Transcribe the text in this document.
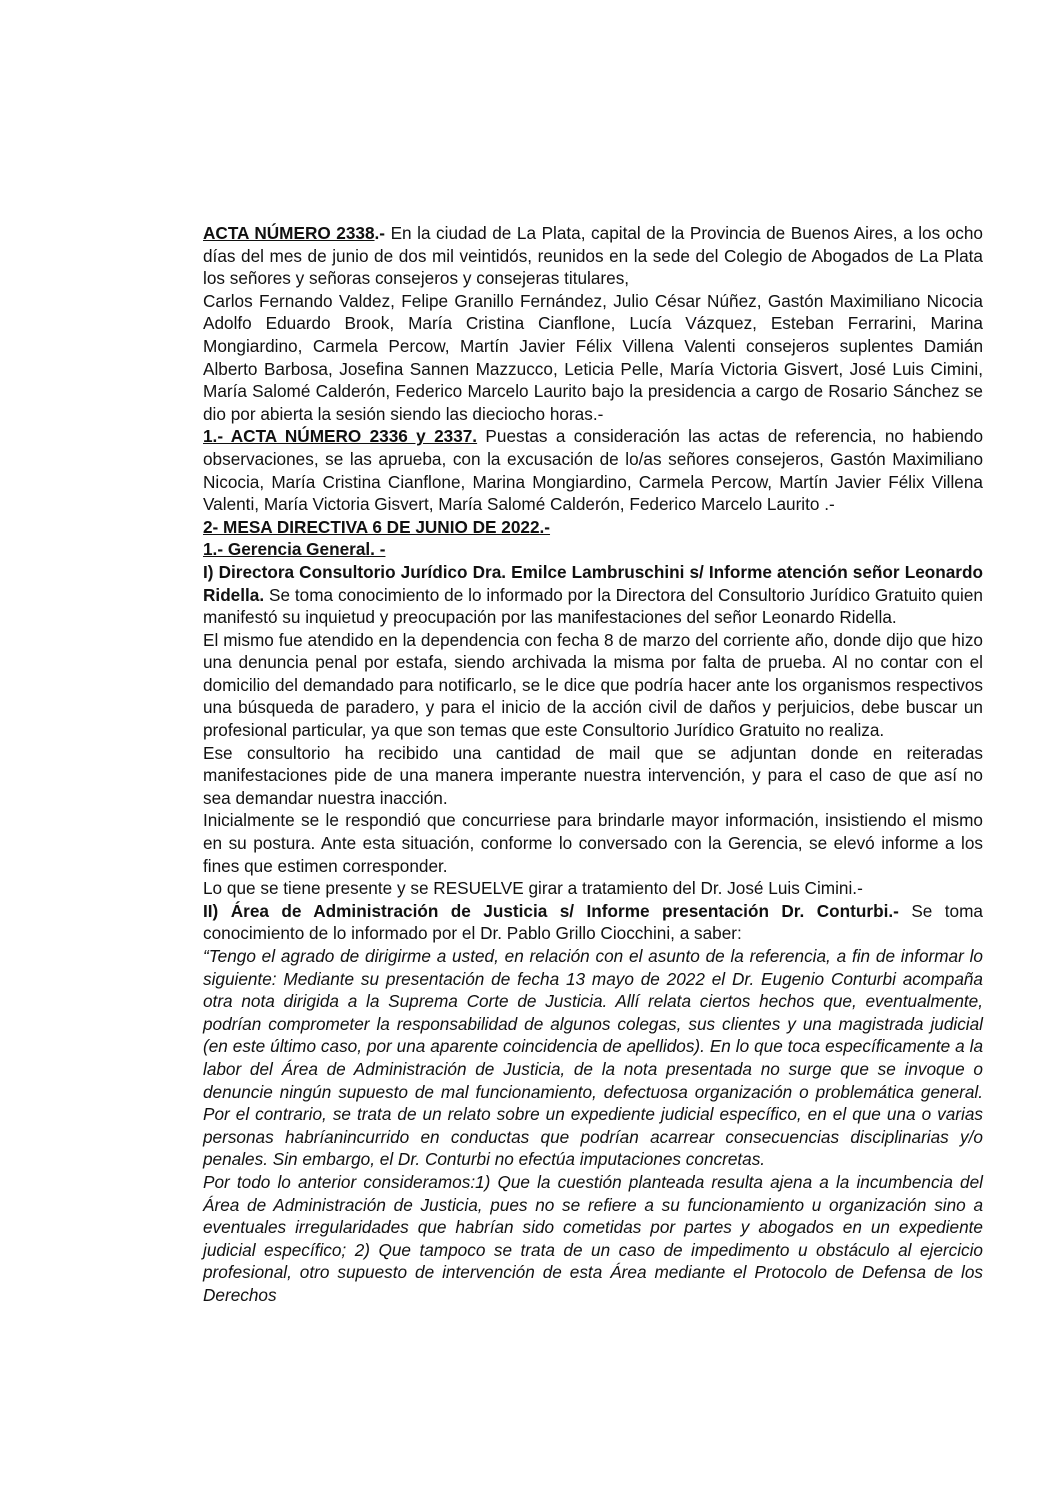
ACTA NÚMERO 2338.- En la ciudad de La Plata, capital de la Provincia de Buenos Aires, a los ocho días del mes de junio de dos mil veintidós, reunidos en la sede del Colegio de Abogados de La Plata los señores y señoras consejeros y consejeras titulares,

Carlos Fernando Valdez, Felipe Granillo Fernández, Julio César Núñez, Gastón Maximiliano Nicocia Adolfo Eduardo Brook, María Cristina Cianflone, Lucía Vázquez, Esteban Ferrarini, Marina Mongiardino, Carmela Percow, Martín Javier Félix Villena Valenti consejeros suplentes Damián Alberto Barbosa, Josefina Sannen Mazzucco, Leticia Pelle, María Victoria Gisvert, José Luis Cimini, María Salomé Calderón, Federico Marcelo Laurito bajo la presidencia a cargo de Rosario Sánchez se dio por abierta la sesión siendo las dieciocho horas.-

1.- ACTA NÚMERO 2336 y 2337. Puestas a consideración las actas de referencia, no habiendo observaciones, se las aprueba, con la excusación de lo/as señores consejeros, Gastón Maximiliano Nicocia, María Cristina Cianflone, Marina Mongiardino, Carmela Percow, Martín Javier Félix Villena Valenti, María Victoria Gisvert, María Salomé Calderón, Federico Marcelo Laurito .-

2- MESA DIRECTIVA 6 DE JUNIO DE 2022.-

1.- Gerencia General. -

I) Directora Consultorio Jurídico Dra. Emilce Lambruschini s/ Informe atención señor Leonardo Ridella. Se toma conocimiento de lo informado por la Directora del Consultorio Jurídico Gratuito quien manifestó su inquietud y preocupación por las manifestaciones del señor Leonardo Ridella.

El mismo fue atendido en la dependencia con fecha 8 de marzo del corriente año, donde dijo que hizo una denuncia penal por estafa, siendo archivada la misma por falta de prueba. Al no contar con el domicilio del demandado para notificarlo, se le dice que podría hacer ante los organismos respectivos una búsqueda de paradero, y para el inicio de la acción civil de daños y perjuicios, debe buscar un profesional particular, ya que son temas que este Consultorio Jurídico Gratuito no realiza.

Ese consultorio ha recibido una cantidad de mail que se adjuntan donde en reiteradas manifestaciones pide de una manera imperante nuestra intervención, y para el caso de que así no sea demandar nuestra inacción.

Inicialmente se le respondió que concurriese para brindarle mayor información, insistiendo el mismo en su postura. Ante esta situación, conforme lo conversado con la Gerencia, se elevó informe a los fines que estimen corresponder.

Lo que se tiene presente y se RESUELVE girar a tratamiento del Dr. José Luis Cimini.-

II) Área de Administración de Justicia s/ Informe presentación Dr. Conturbi.- Se toma conocimiento de lo informado por el Dr. Pablo Grillo Ciocchini, a saber:

“Tengo el agrado de dirigirme a usted, en relación con el asunto de la referencia, a fin de informar lo siguiente: Mediante su presentación de fecha 13 mayo de 2022 el Dr. Eugenio Conturbi acompaña otra nota dirigida a la Suprema Corte de Justicia. Allí relata ciertos hechos que, eventualmente, podrían comprometer la responsabilidad de algunos colegas, sus clientes y una magistrada judicial (en este último caso, por una aparente coincidencia de apellidos). En lo que toca específicamente a la labor del Área de Administración de Justicia, de la nota presentada no surge que se invoque o denuncie ningún supuesto de mal funcionamiento, defectuosa organización o problemática general. Por el contrario, se trata de un relato sobre un expediente judicial específico, en el que una o varias personas habríanincurrido en conductas que podrían acarrear consecuencias disciplinarias y/o penales. Sin embargo, el Dr. Conturbi no efectúa imputaciones concretas.

Por todo lo anterior consideramos:1) Que la cuestión planteada resulta ajena a la incumbencia del Área de Administración de Justicia, pues no se refiere a su funcionamiento u organización sino a eventuales irregularidades que habrían sido cometidas por partes y abogados en un expediente judicial específico; 2) Que tampoco se trata de un caso de impedimento u obstáculo al ejercicio profesional, otro supuesto de intervención de esta Área mediante el Protocolo de Defensa de los Derechos
